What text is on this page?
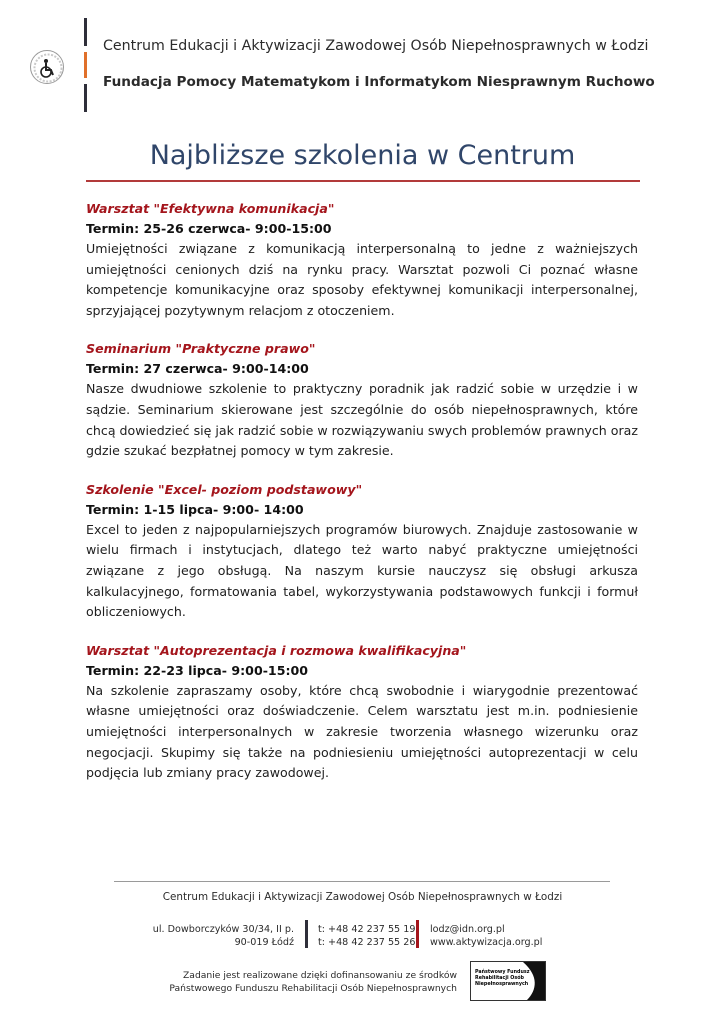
Centrum Edukacji i Aktywizacji Zawodowej Osób Niepełnosprawnych w Łodzi
Fundacja Pomocy Matematykom i Informatykom Niesprawnym Ruchowo
Najbliższe szkolenia w Centrum
Warsztat "Efektywna komunikacja"
Termin: 25-26 czerwca- 9:00-15:00
Umiejętności związane z komunikacją interpersonalną to jedne z ważniejszych umiejętności cenionych dziś na rynku pracy. Warsztat pozwoli Ci poznać własne kompetencje komunikacyjne oraz sposoby efektywnej komunikacji interpersonalnej, sprzyjającej pozytywnym relacjom z otoczeniem.
Seminarium "Praktyczne prawo"
Termin: 27 czerwca- 9:00-14:00
Nasze dwudniowe szkolenie to praktyczny poradnik jak radzić sobie w urzędzie i w sądzie. Seminarium skierowane jest szczególnie do osób niepełnosprawnych, które chcą dowiedzieć się jak radzić sobie w rozwiązywaniu swych problemów prawnych oraz gdzie szukać bezpłatnej pomocy w tym zakresie.
Szkolenie "Excel- poziom podstawowy"
Termin: 1-15 lipca- 9:00- 14:00
Excel to jeden z najpopularniejszych programów biurowych. Znajduje zastosowanie w wielu firmach i instytucjach, dlatego też warto nabyć praktyczne umiejętności związane z jego obsługą. Na naszym kursie nauczysz się obsługi arkusza kalkulacyjnego, formatowania tabel, wykorzystywania podstawowych funkcji i formuł obliczeniowych.
Warsztat "Autoprezentacja i rozmowa kwalifikacyjna"
Termin: 22-23 lipca- 9:00-15:00
Na szkolenie zapraszamy osoby, które chcą swobodnie i wiarygodnie prezentować własne umiejętności oraz doświadczenie. Celem warsztatu jest m.in. podniesienie umiejętności interpersonalnych w zakresie tworzenia własnego wizerunku oraz negocjacji. Skupimy się także na podniesieniu umiejętności autoprezentacji w celu podjęcia lub zmiany pracy zawodowej.
Centrum Edukacji i Aktywizacji Zawodowej Osób Niepełnosprawnych w Łodzi
ul. Dowborczyków 30/34, II p.
90-019 Łódź
t: +48 42 237 55 19
t: +48 42 237 55 26
lodz@idn.org.pl
www.aktywizacja.org.pl
Zadanie jest realizowane dzięki dofinansowaniu ze środków
Państwowego Funduszu Rehabilitacji Osób Niepełnosprawnych
Państwowy Fundusz
Rehabilitacji Osób
Niepełnosprawnych
